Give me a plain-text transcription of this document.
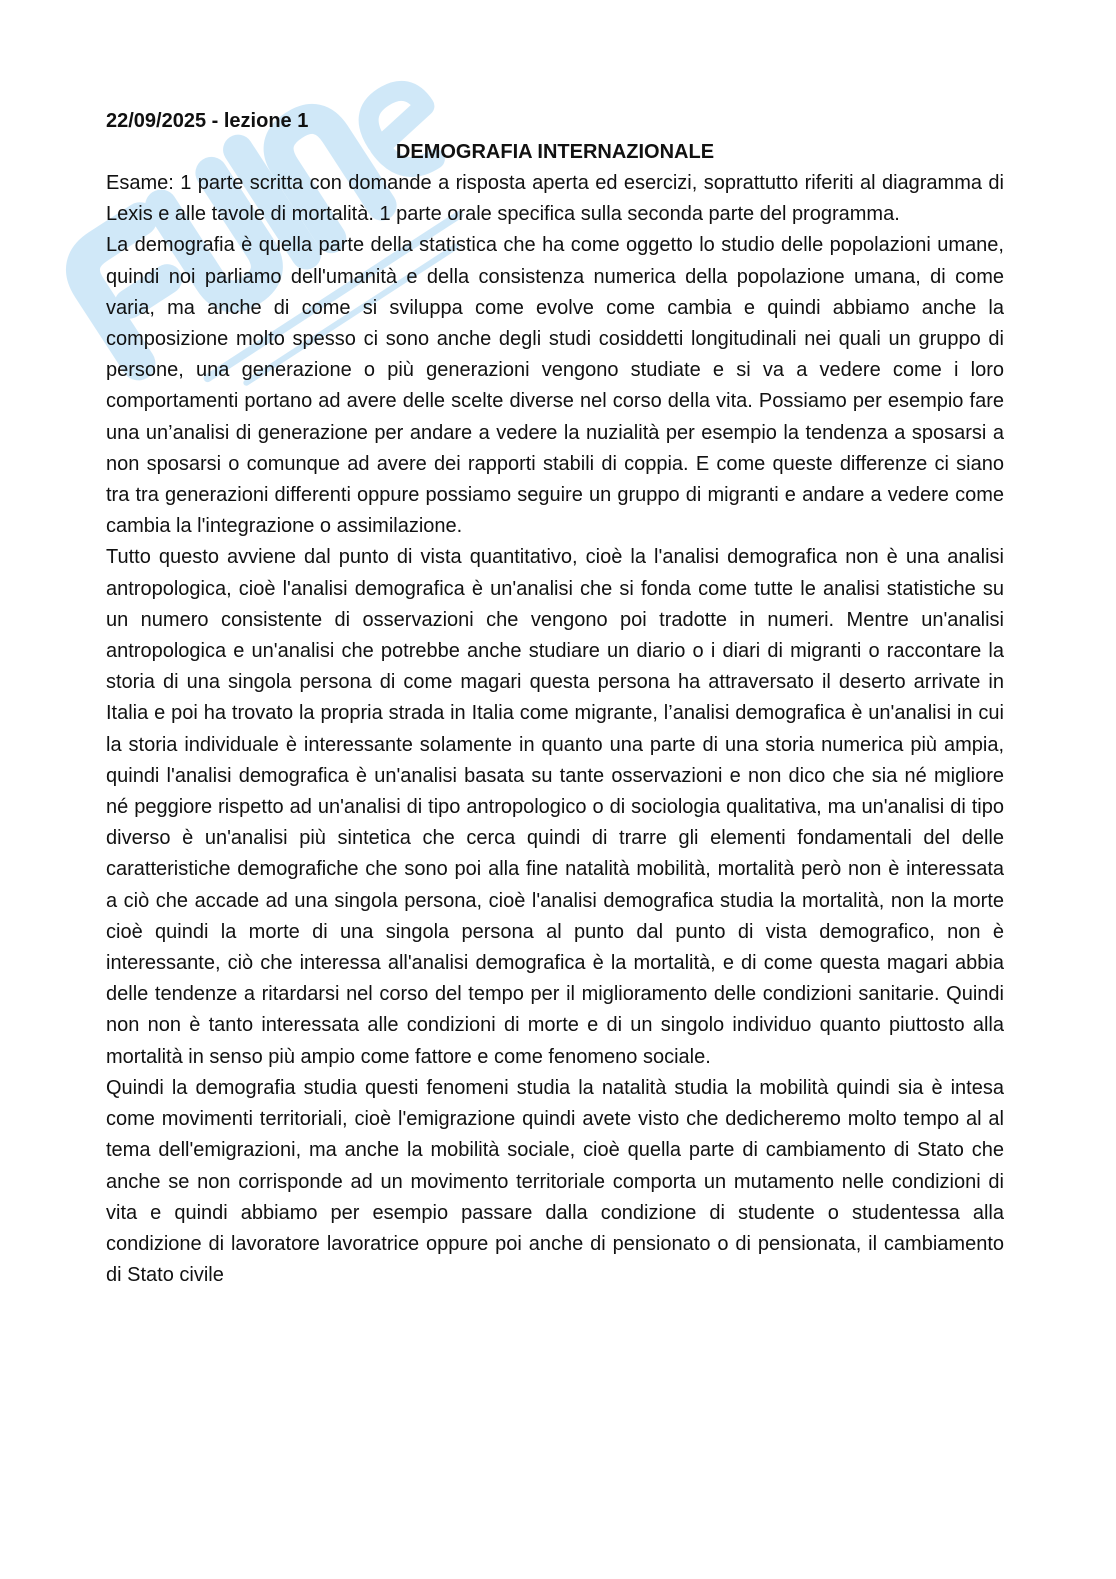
22/09/2025 - lezione 1

DEMOGRAFIA INTERNAZIONALE

Esame: 1 parte scritta con domande a risposta aperta ed esercizi, soprattutto riferiti al diagramma di Lexis e alle tavole di mortalità. 1 parte orale specifica sulla seconda parte del programma.

La demografia è quella parte della statistica che ha come oggetto lo studio delle popolazioni umane, quindi noi parliamo dell'umanità e della consistenza numerica della popolazione umana, di come varia, ma anche di come si sviluppa come evolve come cambia e quindi abbiamo anche la composizione molto spesso ci sono anche degli studi cosiddetti longitudinali nei quali un gruppo di persone, una generazione o più generazioni vengono studiate e si va a vedere come i loro comportamenti portano ad avere delle scelte diverse nel corso della vita. Possiamo per esempio fare una un’analisi di generazione per andare a vedere la nuzialità per esempio la tendenza a sposarsi a non sposarsi o comunque ad avere dei rapporti stabili di coppia. E come queste differenze ci siano tra tra generazioni differenti oppure possiamo seguire un gruppo di migranti e andare a vedere come cambia la l'integrazione o assimilazione.

Tutto questo avviene dal punto di vista quantitativo, cioè la l'analisi demografica non è una analisi antropologica, cioè l'analisi demografica è un'analisi che si fonda come tutte le analisi statistiche su un numero consistente di osservazioni che vengono poi tradotte in numeri. Mentre un'analisi antropologica e un'analisi che potrebbe anche studiare un diario o i diari di migranti o raccontare la storia di una singola persona di come magari questa persona ha attraversato il deserto arrivate in Italia e poi ha trovato la propria strada in Italia come migrante, l’analisi demografica è un'analisi in cui la storia individuale è interessante solamente in quanto una parte di una storia numerica più ampia, quindi l'analisi demografica è un'analisi basata su tante osservazioni e non dico che sia né migliore né peggiore rispetto ad un'analisi di tipo antropologico o di sociologia qualitativa, ma un'analisi di tipo diverso è un'analisi più sintetica che cerca quindi di trarre gli elementi fondamentali del delle caratteristiche demografiche che sono poi alla fine natalità mobilità, mortalità però non è interessata a ciò che accade ad una singola persona, cioè l'analisi demografica studia la mortalità, non la morte cioè quindi la morte di una singola persona al punto dal punto di vista demografico, non è interessante, ciò che interessa all'analisi demografica è la mortalità, e di come questa magari abbia delle tendenze a ritardarsi nel corso del tempo per il miglioramento delle condizioni sanitarie. Quindi non non è tanto interessata alle condizioni di morte e di un singolo individuo quanto piuttosto alla mortalità in senso più ampio come fattore e come fenomeno sociale.

Quindi la demografia studia questi fenomeni studia la natalità studia la mobilità quindi sia è intesa come movimenti territoriali, cioè l'emigrazione quindi avete visto che dedicheremo molto tempo al al tema dell'emigrazioni, ma anche la mobilità sociale, cioè quella parte di cambiamento di Stato che anche se non corrisponde ad un movimento territoriale comporta un mutamento nelle condizioni di vita e quindi abbiamo per esempio passare dalla condizione di studente o studentessa alla condizione di lavoratore lavoratrice oppure poi anche di pensionato o di pensionata, il cambiamento di Stato civile
